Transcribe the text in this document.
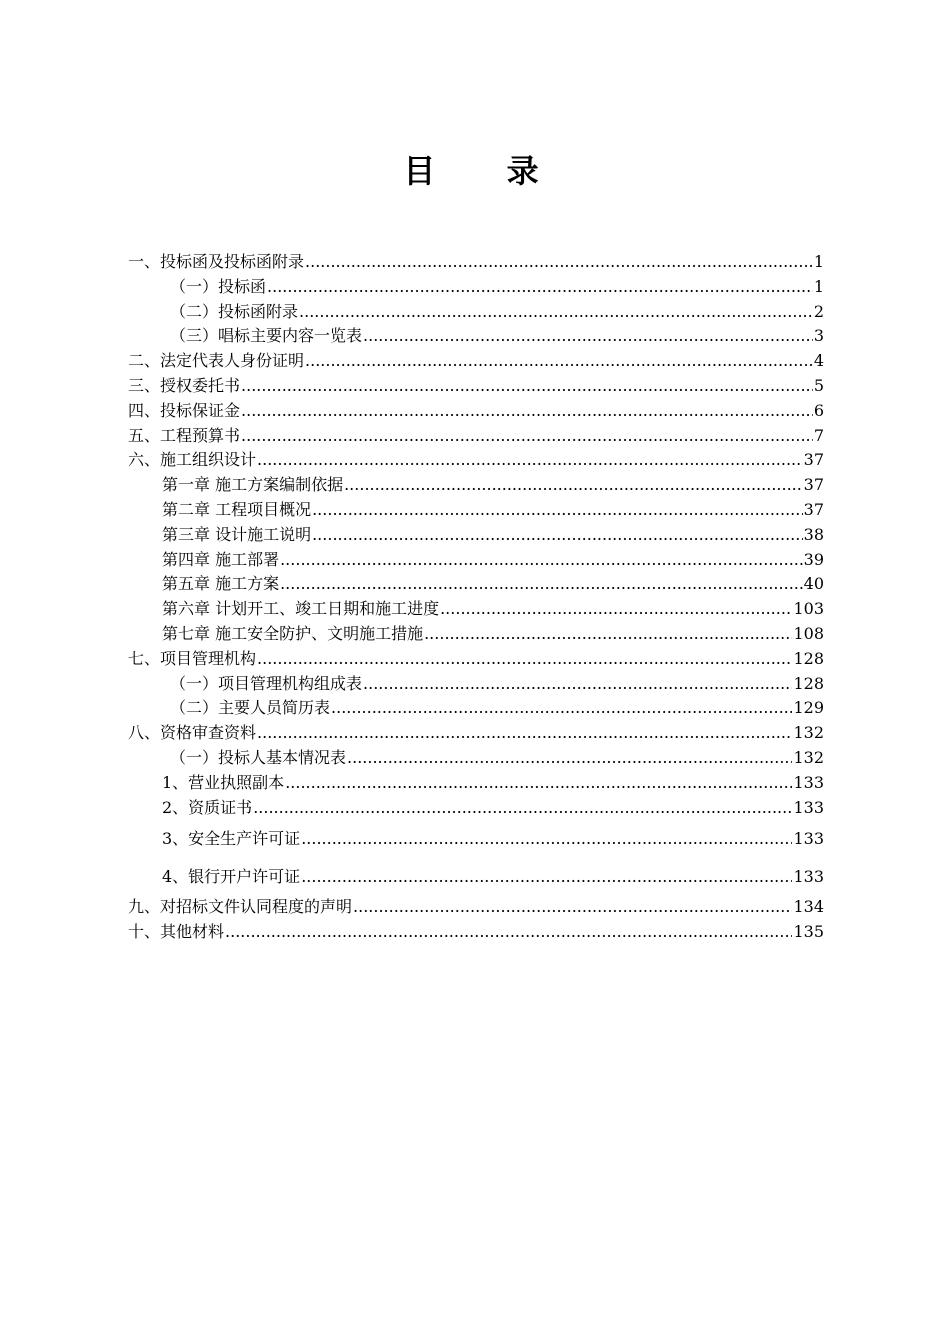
目 录
一、投标函及投标函附录 .....	1
（一）投标函 .....	1
（二）投标函附录 .....	2
（三）唱标主要内容一览表 .....	3
二、法定代表人身份证明 .....	4
三、授权委托书 .....	5
四、投标保证金 .....	6
五、工程预算书 .....	7
六、施工组织设计 .....	37
第一章 施工方案编制依据 .....	37
第二章 工程项目概况 .....	37
第三章 设计施工说明 .....	38
第四章 施工部署 .....	39
第五章 施工方案 .....	40
第六章 计划开工、竣工日期和施工进度 .....	103
第七章 施工安全防护、文明施工措施 .....	108
七、项目管理机构 .....	128
（一）项目管理机构组成表 .....	128
（二）主要人员简历表 .....	129
八、资格审查资料 .....	132
（一）投标人基本情况表 .....	132
1、营业执照副本 .....	133
2、资质证书 .....	133
3、安全生产许可证 .....	133
4、银行开户许可证 .....	133
九、对招标文件认同程度的声明 .....	134
十、其他材料 .....	135
